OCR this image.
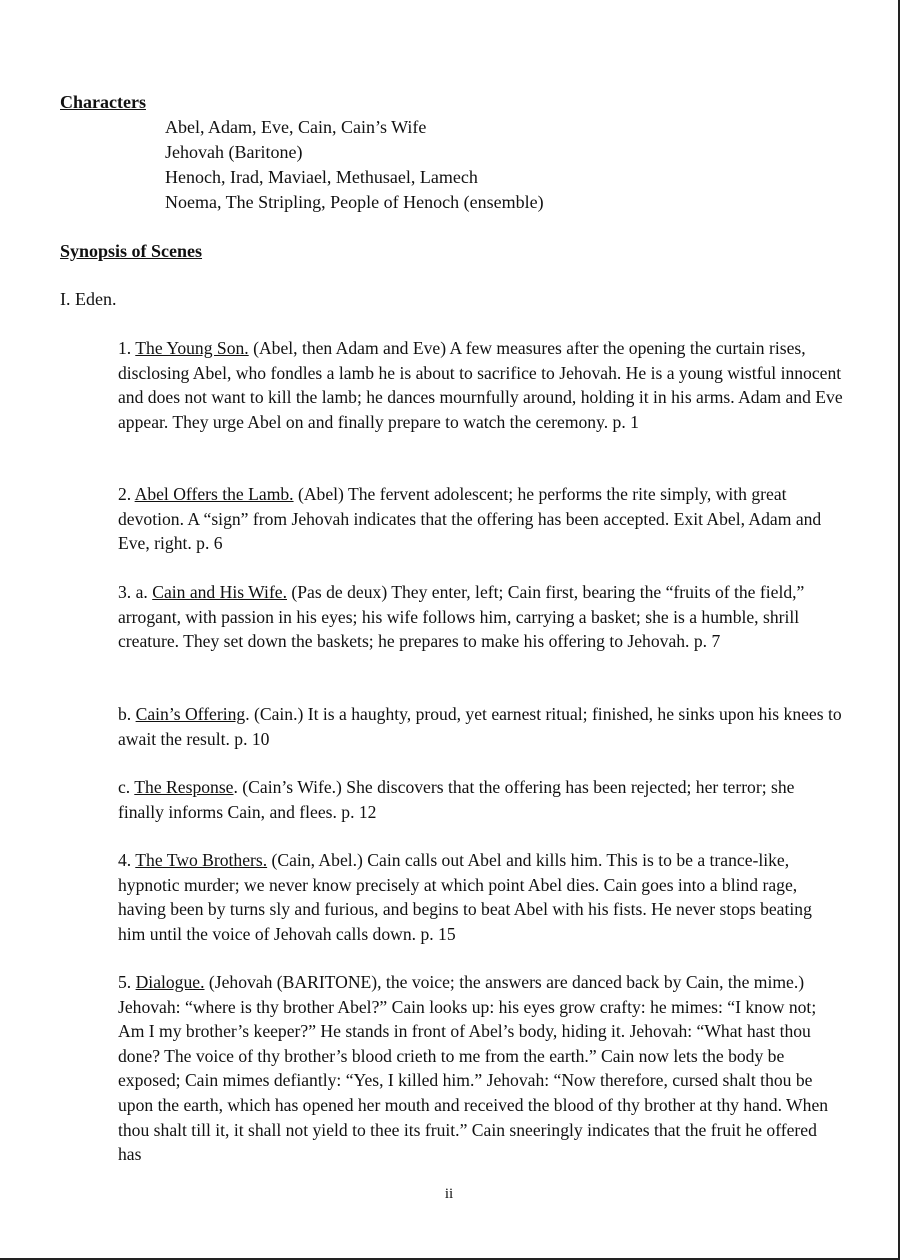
Characters
Abel, Adam, Eve, Cain, Cain’s Wife
Jehovah (Baritone)
Henoch, Irad, Maviael, Methusael, Lamech
Noema, The Stripling, People of Henoch (ensemble)
Synopsis of Scenes

I. Eden.

1. The Young Son. (Abel, then Adam and Eve) A few measures after the opening the curtain rises, disclosing Abel, who fondles a lamb he is about to sacrifice to Jehovah. He is a young wistful innocent and does not want to kill the lamb; he dances mournfully around, holding it in his arms. Adam and Eve appear. They urge Abel on and finally prepare to watch the ceremony. p. 1

2. Abel Offers the Lamb. (Abel) The fervent adolescent; he performs the rite simply, with great devotion. A “sign” from Jehovah indicates that the offering has been accepted. Exit Abel, Adam and Eve, right. p. 6

3. a. Cain and His Wife. (Pas de deux) They enter, left; Cain first, bearing the “fruits of the field,” arrogant, with passion in his eyes; his wife follows him, carrying a basket; she is a humble, shrill creature. They set down the baskets; he prepares to make his offering to Jehovah. p. 7

b. Cain’s Offering. (Cain.) It is a haughty, proud, yet earnest ritual; finished, he sinks upon his knees to await the result. p. 10

c. The Response. (Cain’s Wife.) She discovers that the offering has been rejected; her terror; she finally informs Cain, and flees. p. 12

4. The Two Brothers. (Cain, Abel.) Cain calls out Abel and kills him. This is to be a trance-like, hypnotic murder; we never know precisely at which point Abel dies. Cain goes into a blind rage, having been by turns sly and furious, and begins to beat Abel with his fists. He never stops beating him until the voice of Jehovah calls down. p. 15

5. Dialogue. (Jehovah (BARITONE), the voice; the answers are danced back by Cain, the mime.) Jehovah: “where is thy brother Abel?” Cain looks up: his eyes grow crafty: he mimes: “I know not; Am I my brother’s keeper?” He stands in front of Abel’s body, hiding it. Jehovah: “What hast thou done? The voice of thy brother’s blood crieth to me from the earth.” Cain now lets the body be exposed; Cain mimes defiantly: “Yes, I killed him.” Jehovah: “Now therefore, cursed shalt thou be upon the earth, which has opened her mouth and received the blood of thy brother at thy hand. When thou shalt till it, it shall not yield to thee its fruit.” Cain sneeringly indicates that the fruit he offered has

ii
